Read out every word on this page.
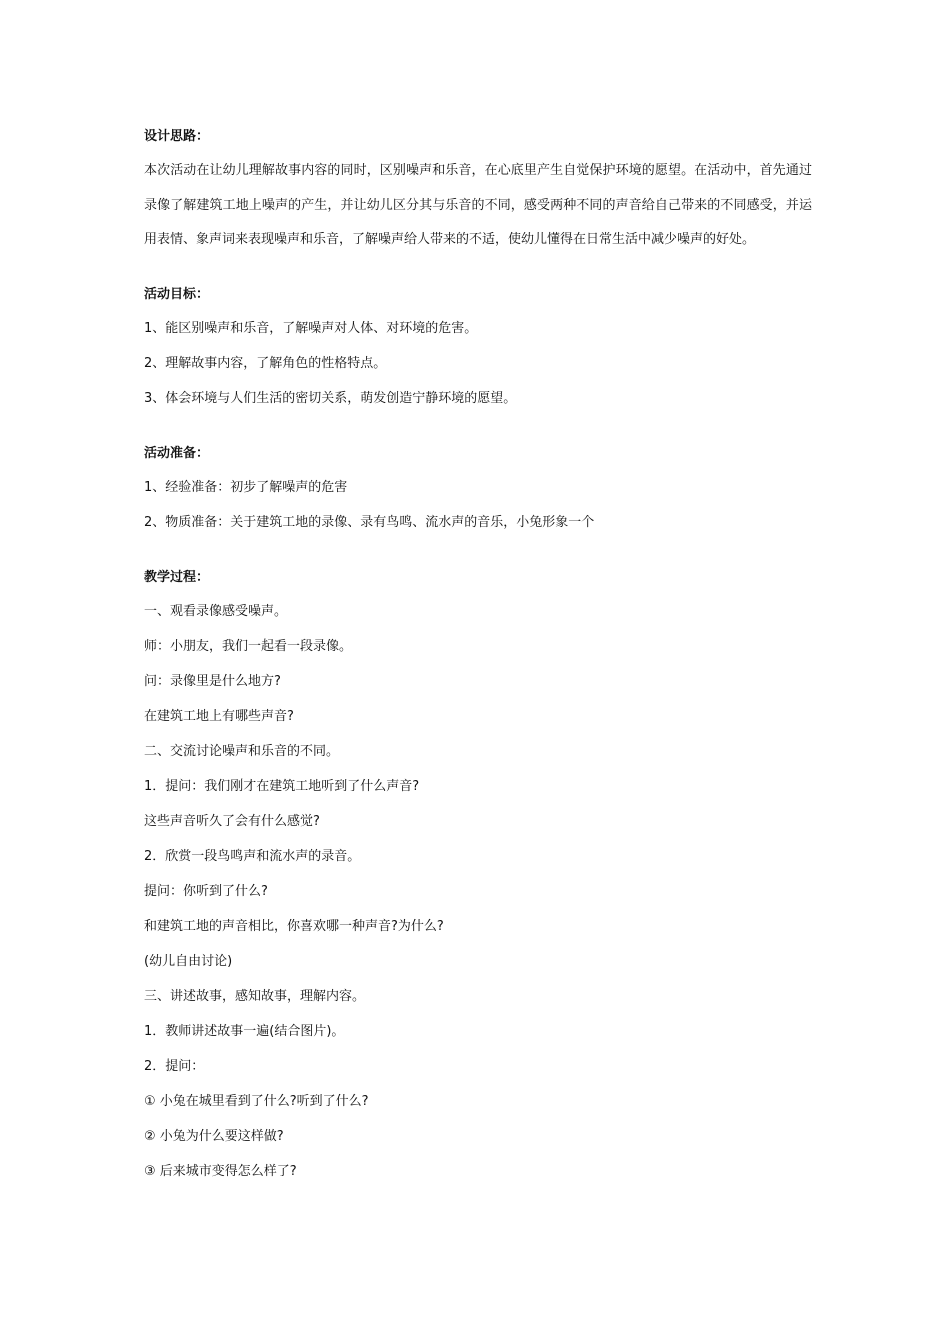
设计思路：

本次活动在让幼儿理解故事内容的同时，区别噪声和乐音，在心底里产生自觉保护环境的愿望。在活动中，首先通过录像了解建筑工地上噪声的产生，并让幼儿区分其与乐音的不同，感受两种不同的声音给自己带来的不同感受，并运用表情、象声词来表现噪声和乐音，了解噪声给人带来的不适，使幼儿懂得在日常生活中减少噪声的好处。

活动目标：
1、能区别噪声和乐音，了解噪声对人体、对环境的危害。
2、理解故事内容，了解角色的性格特点。
3、体会环境与人们生活的密切关系，萌发创造宁静环境的愿望。
活动准备：
1、经验准备：初步了解噪声的危害
2、物质准备：关于建筑工地的录像、录有鸟鸣、流水声的音乐，小兔形象一个
教学过程：
一、观看录像感受噪声。
师：小朋友，我们一起看一段录像。
问：录像里是什么地方?
在建筑工地上有哪些声音?
二、交流讨论噪声和乐音的不同。
1．提问：我们刚才在建筑工地听到了什么声音?
这些声音听久了会有什么感觉?
2．欣赏一段鸟鸣声和流水声的录音。
提问：你听到了什么?
和建筑工地的声音相比，你喜欢哪一种声音?为什么?
(幼儿自由讨论)
三、讲述故事，感知故事，理解内容。
1．教师讲述故事一遍(结合图片)。
2．提问：
① 小兔在城里看到了什么?听到了什么?
② 小兔为什么要这样做?
③ 后来城市变得怎么样了?
